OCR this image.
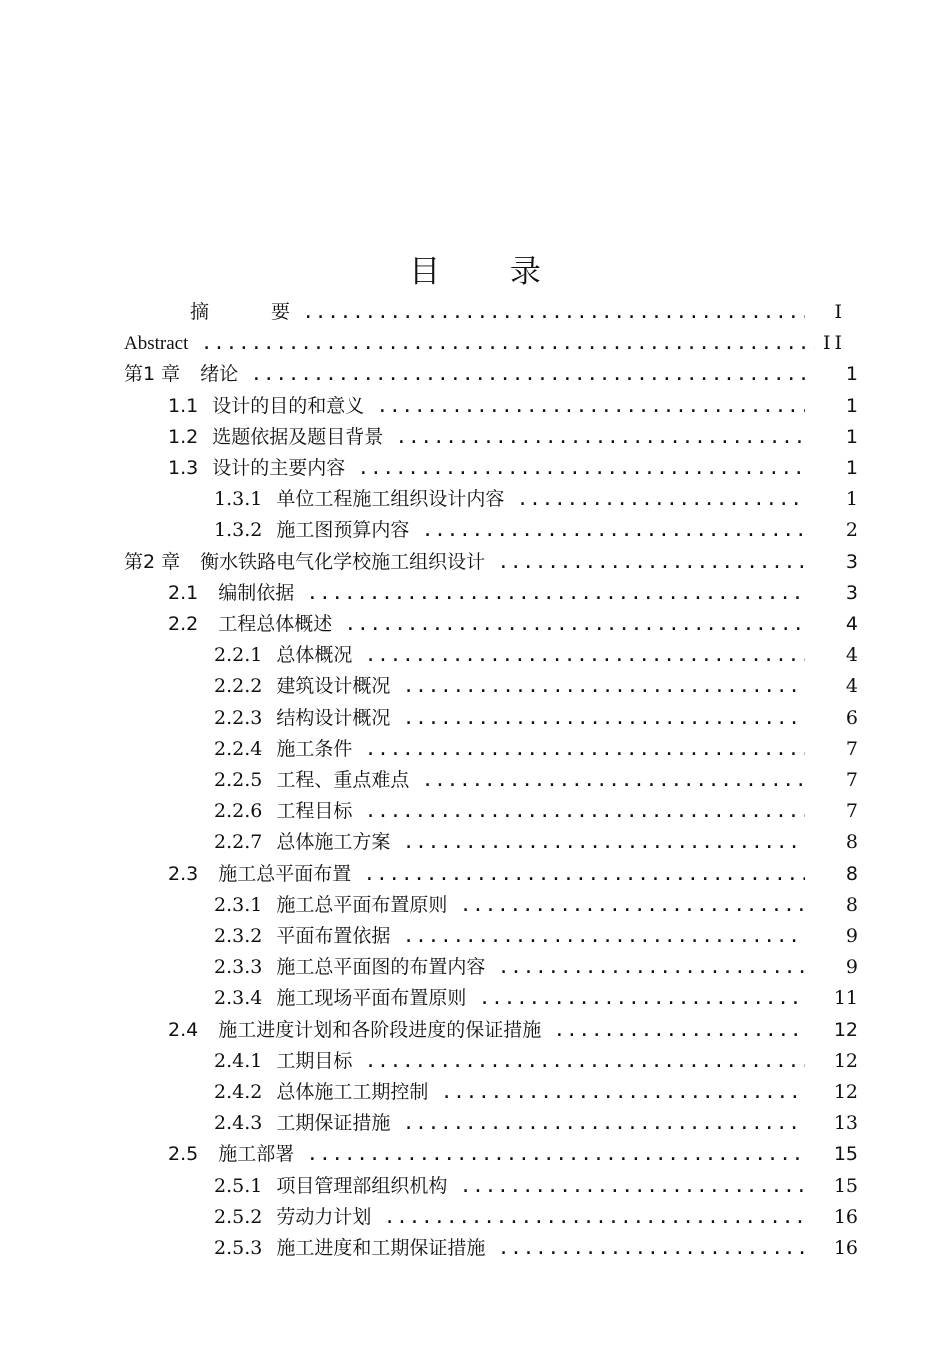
目 录
摘	要 .....	I
Abstract .....	II
第1 章 绪论 .....	1
1.1 设计的目的和意义 .....	1
1.2 选题依据及题目背景 .....	1
1.3 设计的主要内容 .....	1
1.3.1 单位工程施工组织设计内容 .....	1
1.3.2 施工图预算内容 .....	2
第2 章 衡水铁路电气化学校施工组织设计 .....	3
2.1 编制依据 .....	3
2.2 工程总体概述 .....	4
2.2.1 总体概况 .....	4
2.2.2 建筑设计概况 .....	4
2.2.3 结构设计概况 .....	6
2.2.4 施工条件 .....	7
2.2.5 工程、重点难点 .....	7
2.2.6 工程目标 .....	7
2.2.7 总体施工方案 .....	8
2.3 施工总平面布置 .....	8
2.3.1 施工总平面布置原则 .....	8
2.3.2 平面布置依据 .....	9
2.3.3 施工总平面图的布置内容 .....	9
2.3.4 施工现场平面布置原则 .....	11
2.4 施工进度计划和各阶段进度的保证措施 .....	12
2.4.1 工期目标 .....	12
2.4.2 总体施工工期控制 .....	12
2.4.3 工期保证措施 .....	13
2.5 施工部署 .....	15
2.5.1 项目管理部组织机构 .....	15
2.5.2 劳动力计划 .....	16
2.5.3 施工进度和工期保证措施 .....	16
